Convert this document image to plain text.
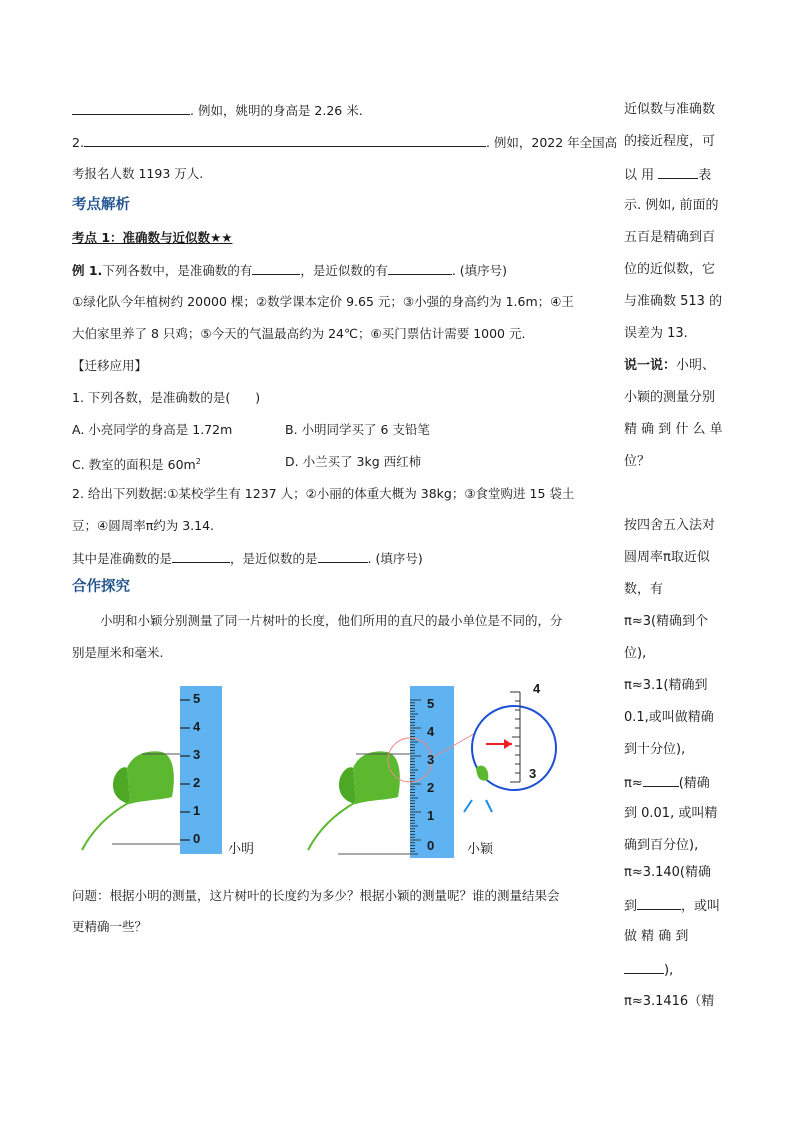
. 例如，姚明的身高是 2.26 米.
2.	. 例如，2022 年全国高
考报名人数 1193 万人.
考点解析
考点 1：准确数与近似数★★
例 1.下列各数中，是准确数的有	，是近似数的有	. (填序号)
①绿化队今年植树约 20000 棵；②数学课本定价 9.65 元；③小强的身高约为 1.6m；④王
大伯家里养了 8 只鸡；⑤今天的气温最高约为 24℃；⑥买门票估计需要 1000 元.
【迁移应用】
1. 下列各数，是准确数的是(　　)
A. 小亮同学的身高是 1.72m	B. 小明同学买了 6 支铅笔
C. 教室的面积是 $60m^2$	D. 小兰买了 3kg 西红柿
2. 给出下列数据:①某校学生有 1237 人；②小丽的体重大概为 38kg；③食堂购进 15 袋土
豆；④圆周率π约为 3.14.
其中是准确数的是	，是近似数的是	. (填序号)
合作探究
小明和小颖分别测量了同一片树叶的长度，他们所用的直尺的最小单位是不同的，分
别是厘米和毫米.
5
4
3
2
1
0
小明
5
4
3
2
1
0	小颖
4
3
问题：根据小明的测量，这片树叶的长度约为多少？根据小颖的测量呢？谁的测量结果会
更精确一些？
近似数与准确数
的接近程度，可
以 用	表
示. 例如, 前面的
五百是精确到百
位的近似数，它
与准确数 513 的
误差为 13.
说一说：小明、
小颖的测量分别
精 确 到 什 么 单
位？
按四舍五入法对
圆周率π取近似
数，有
π≈3(精确到个
位),
π≈3.1(精确到
0.1,或叫做精确
到十分位),
π≈	(精确
到 0.01, 或叫精
确到百分位),
π≈3.140(精确
到	，或叫
做 精 确 到
),
π≈3.1416（精
